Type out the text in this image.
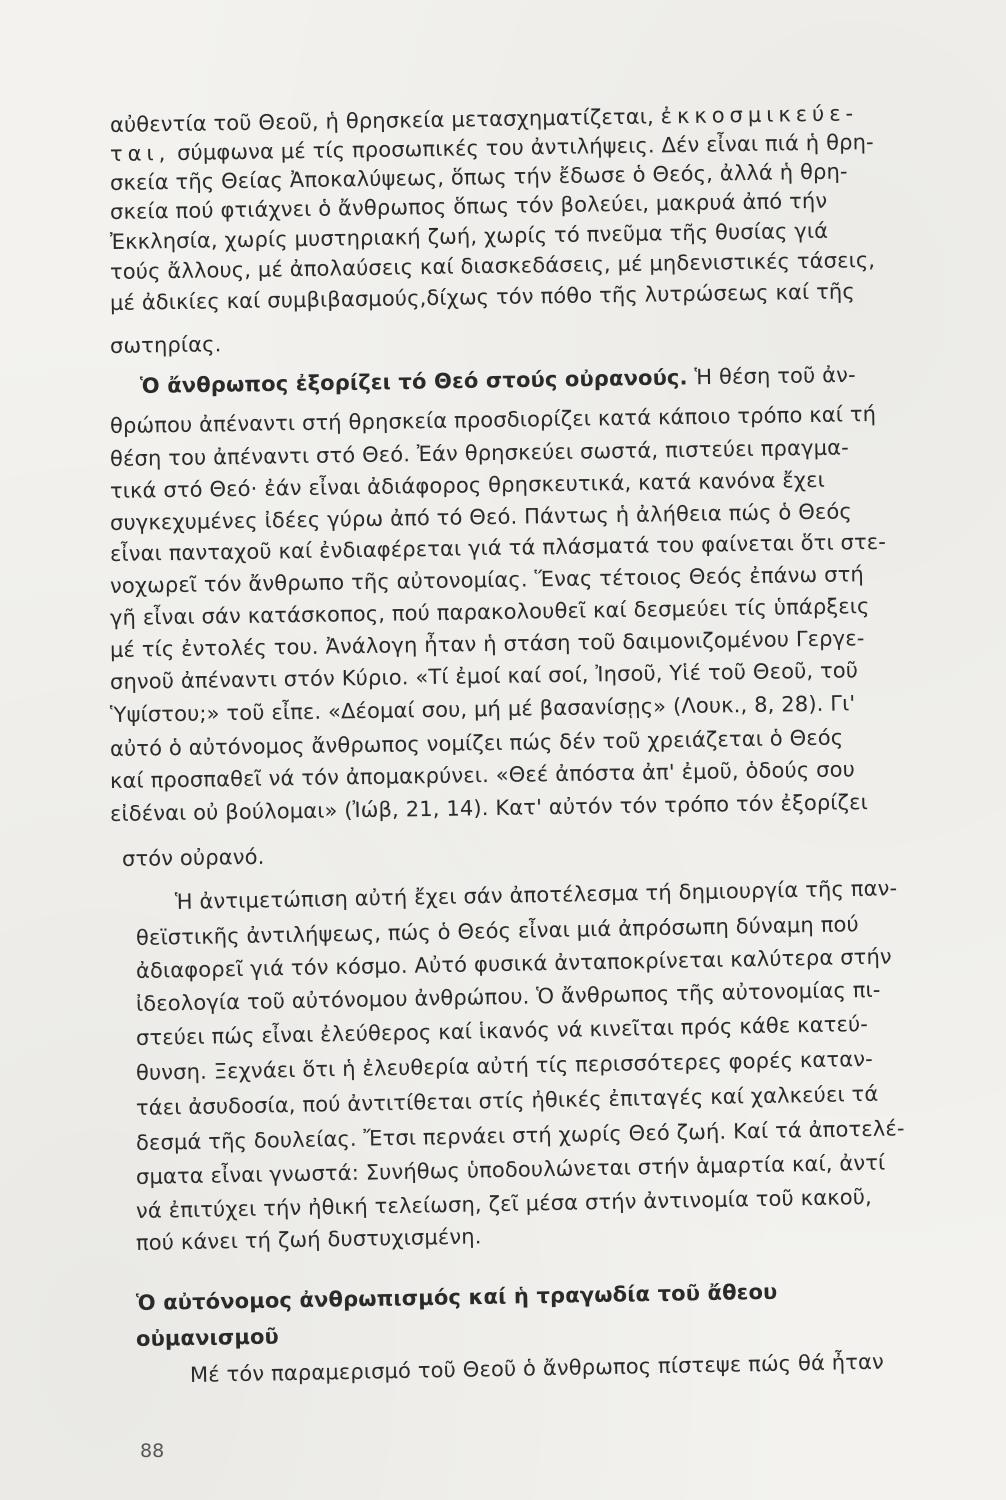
αὐθεντία τοῦ Θεοῦ, ἡ θρησκεία μετασχηματίζεται, ἐκκοσμικεύε-
ται, σύμφωνα μέ τίς προσωπικές του ἀντιλήψεις. Δέν εἶναι πιά ἡ θρη-
σκεία τῆς Θείας Ἀποκαλύψεως, ὅπως τήν ἔδωσε ὁ Θεός, ἀλλά ἡ θρη-
σκεία πού φτιάχνει ὁ ἄνθρωπος ὅπως τόν βολεύει, μακρυά ἀπό τήν
Ἐκκλησία, χωρίς μυστηριακή ζωή, χωρίς τό πνεῦμα τῆς θυσίας γιά
τούς ἄλλους, μέ ἀπολαύσεις καί διασκεδάσεις, μέ μηδενιστικές τάσεις,
μέ ἀδικίες καί συμβιβασμούς,δίχως τόν πόθο τῆς λυτρώσεως καί τῆς
σωτηρίας.
Ὁ ἄνθρωπος ἐξορίζει τό Θεό στούς οὐρανούς. Ἡ θέση τοῦ ἀν-
θρώπου ἀπέναντι στή θρησκεία προσδιορίζει κατά κάποιο τρόπο καί τή
θέση του ἀπέναντι στό Θεό. Ἐάν θρησκεύει σωστά, πιστεύει πραγμα-
τικά στό Θεό· ἐάν εἶναι ἀδιάφορος θρησκευτικά, κατά κανόνα ἔχει
συγκεχυμένες ἰδέες γύρω ἀπό τό Θεό. Πάντως ἡ ἀλήθεια πώς ὁ Θεός
εἶναι πανταχοῦ καί ἐνδιαφέρεται γιά τά πλάσματά του φαίνεται ὅτι στε-
νοχωρεῖ τόν ἄνθρωπο τῆς αὐτονομίας. Ἕνας τέτοιος Θεός ἐπάνω στή
γῆ εἶναι σάν κατάσκοπος, πού παρακολουθεῖ καί δεσμεύει τίς ὑπάρξεις
μέ τίς ἐντολές του. Ἀνάλογη ἦταν ἡ στάση τοῦ δαιμονιζομένου Γεργε-
σηνοῦ ἀπέναντι στόν Κύριο. «Τί ἐμοί καί σοί, Ἰησοῦ, Υἱέ τοῦ Θεοῦ, τοῦ
Ὑψίστου;» τοῦ εἶπε. «Δέομαί σου, μή μέ βασανίσῃς» (Λουκ., 8, 28). Γι'
αὐτό ὁ αὐτόνομος ἄνθρωπος νομίζει πώς δέν τοῦ χρειάζεται ὁ Θεός
καί προσπαθεῖ νά τόν ἀπομακρύνει. «Θεέ ἀπόστα ἀπ' ἐμοῦ, ὁδούς σου
εἰδέναι οὐ βούλομαι» (Ἰώβ, 21, 14). Κατ' αὐτόν τόν τρόπο τόν ἐξορίζει
στόν οὐρανό.
Ἡ ἀντιμετώπιση αὐτή ἔχει σάν ἀποτέλεσμα τή δημιουργία τῆς παν-
θεϊστικῆς ἀντιλήψεως, πώς ὁ Θεός εἶναι μιά ἀπρόσωπη δύναμη πού
ἀδιαφορεῖ γιά τόν κόσμο. Αὐτό φυσικά ἀνταποκρίνεται καλύτερα στήν
ἰδεολογία τοῦ αὐτόνομου ἀνθρώπου. Ὁ ἄνθρωπος τῆς αὐτονομίας πι-
στεύει πώς εἶναι ἐλεύθερος καί ἱκανός νά κινεῖται πρός κάθε κατεύ-
θυνση. Ξεχνάει ὅτι ἡ ἐλευθερία αὐτή τίς περισσότερες φορές καταν-
τάει ἀσυδοσία, πού ἀντιτίθεται στίς ἠθικές ἐπιταγές καί χαλκεύει τά
δεσμά τῆς δουλείας. Ἔτσι περνάει στή χωρίς Θεό ζωή. Καί τά ἀποτελέ-
σματα εἶναι γνωστά: Συνήθως ὑποδουλώνεται στήν ἁμαρτία καί, ἀντί
νά ἐπιτύχει τήν ἠθική τελείωση, ζεῖ μέσα στήν ἀντινομία τοῦ κακοῦ,
πού κάνει τή ζωή δυστυχισμένη.
Ὁ αὐτόνομος ἀνθρωπισμός καί ἡ τραγωδία τοῦ ἄθεου
οὐμανισμοῦ
Μέ τόν παραμερισμό τοῦ Θεοῦ ὁ ἄνθρωπος πίστεψε πώς θά ἦταν
88
